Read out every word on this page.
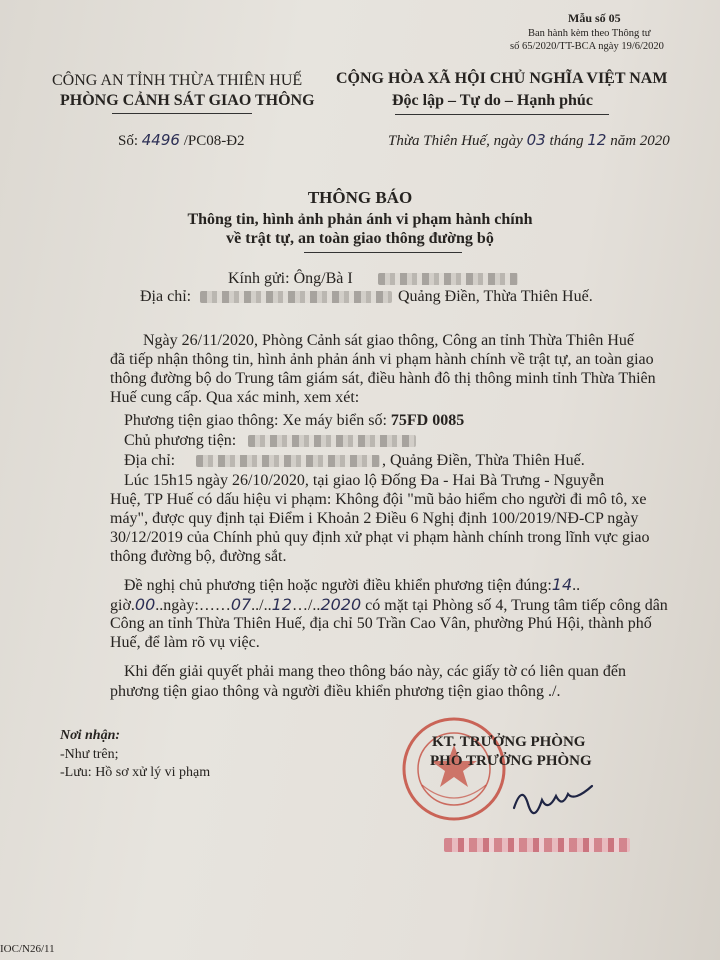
Mẫu số 05
Ban hành kèm theo Thông tư
số 65/2020/TT-BCA ngày 19/6/2020
CÔNG AN TỈNH THỪA THIÊN HUẾ
PHÒNG CẢNH SÁT GIAO THÔNG
CỘNG HÒA XÃ HỘI CHỦ NGHĨA VIỆT NAM
Độc lập – Tự do – Hạnh phúc
Số: 4496 /PC08-Đ2	Thừa Thiên Huế, ngày 03 tháng 12 năm 2020
THÔNG BÁO
Thông tin, hình ảnh phản ánh vi phạm hành chính
về trật tự, an toàn giao thông đường bộ
Kính gửi: Ông/Bà I
Địa chỉ:	Quảng Điền, Thừa Thiên Huế.
Ngày 26/11/2020, Phòng Cảnh sát giao thông, Công an tỉnh Thừa Thiên Huế
đã tiếp nhận thông tin, hình ảnh phản ánh vi phạm hành chính về trật tự, an toàn giao
thông đường bộ do Trung tâm giám sát, điều hành đô thị thông minh tỉnh Thừa Thiên
Huế cung cấp. Qua xác minh, xem xét:
Phương tiện giao thông: Xe máy biển số: 75FD 0085
Chủ phương tiện:
Địa chỉ:	, Quảng Điền, Thừa Thiên Huế.
Lúc 15h15 ngày 26/10/2020, tại giao lộ Đống Đa - Hai Bà Trưng - Nguyễn
Huệ, TP Huế có dấu hiệu vi phạm: Không đội "mũ bảo hiểm cho người đi mô tô, xe
máy", được quy định tại Điểm i Khoản 2 Điều 6 Nghị định 100/2019/NĐ-CP ngày
30/12/2019 của Chính phủ quy định xử phạt vi phạm hành chính trong lĩnh vực giao
thông đường bộ, đường sắt.
Đề nghị chủ phương tiện hoặc người điều khiển phương tiện đúng:14..
giờ.00..ngày:……07../..12…/..2020 có mặt tại Phòng số 4, Trung tâm tiếp công dân
Công an tỉnh Thừa Thiên Huế, địa chỉ 50 Trần Cao Vân, phường Phú Hội, thành phố
Huế, để làm rõ vụ việc.
Khi đến giải quyết phải mang theo thông báo này, các giấy tờ có liên quan đến
phương tiện giao thông và người điều khiển phương tiện giao thông ./.
Nơi nhận:
-Như trên;
-Lưu: Hồ sơ xử lý vi phạm
KT. TRƯỞNG PHÒNG
PHÓ TRƯỞNG PHÒNG
IOC/N26/11
